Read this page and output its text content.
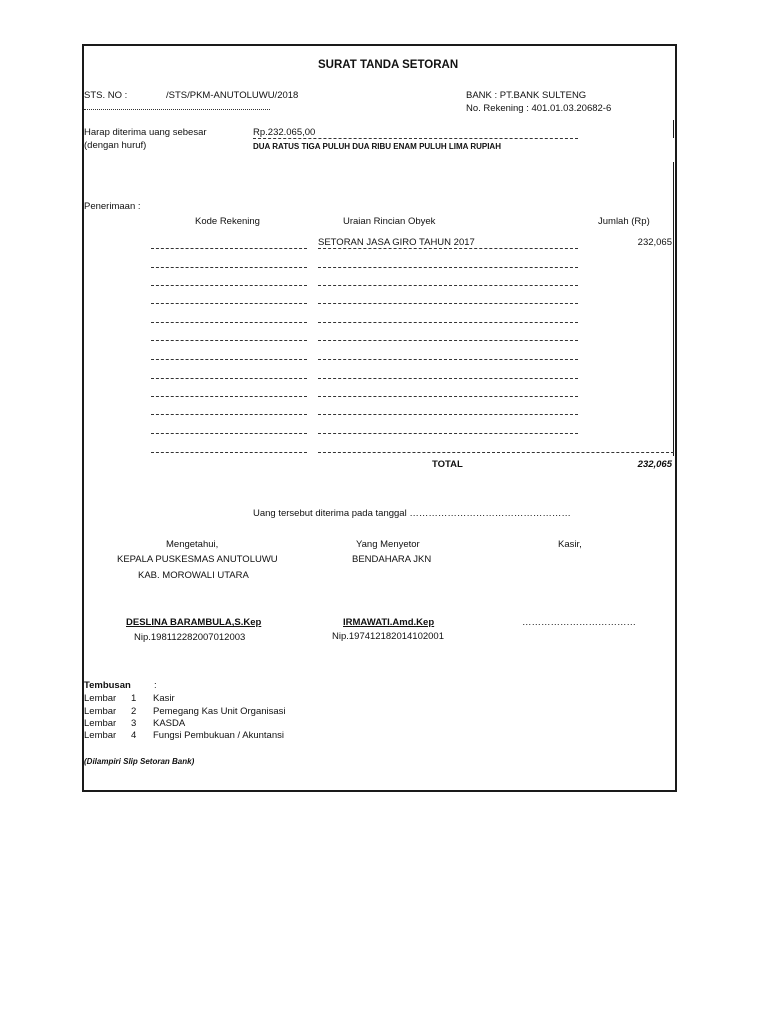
SURAT TANDA SETORAN
STS. NO :	/STS/PKM-ANUTOLUWU/2018	BANK : PT.BANK SULTENG
No. Rekening : 401.01.03.20682-6
Harap diterima uang sebesar	Rp.232.065,00
(dengan huruf)	DUA RATUS TIGA PULUH DUA RIBU ENAM PULUH LIMA RUPIAH
Penerimaan :
Kode Rekening	Uraian Rincian Obyek	Jumlah (Rp)
SETORAN JASA GIRO TAHUN 2017	232,065
TOTAL	232,065
Uang tersebut diterima pada tanggal ……………………………………………
Mengetahui,
KEPALA PUSKESMAS ANUTOLUWU
KAB. MOROWALI UTARA
Yang Menyetor
BENDAHARA JKN
Kasir,
DESLINA BARAMBULA,S.Kep
Nip.198112282007012003
IRMAWATI.Amd.Kep
Nip.197412182014102001
………………………………
Tembusan :
Lembar 1 Kasir
Lembar 2 Pemegang Kas Unit Organisasi
Lembar 3 KASDA
Lembar 4 Fungsi Pembukuan / Akuntansi
(Dilampiri Slip Setoran Bank)
